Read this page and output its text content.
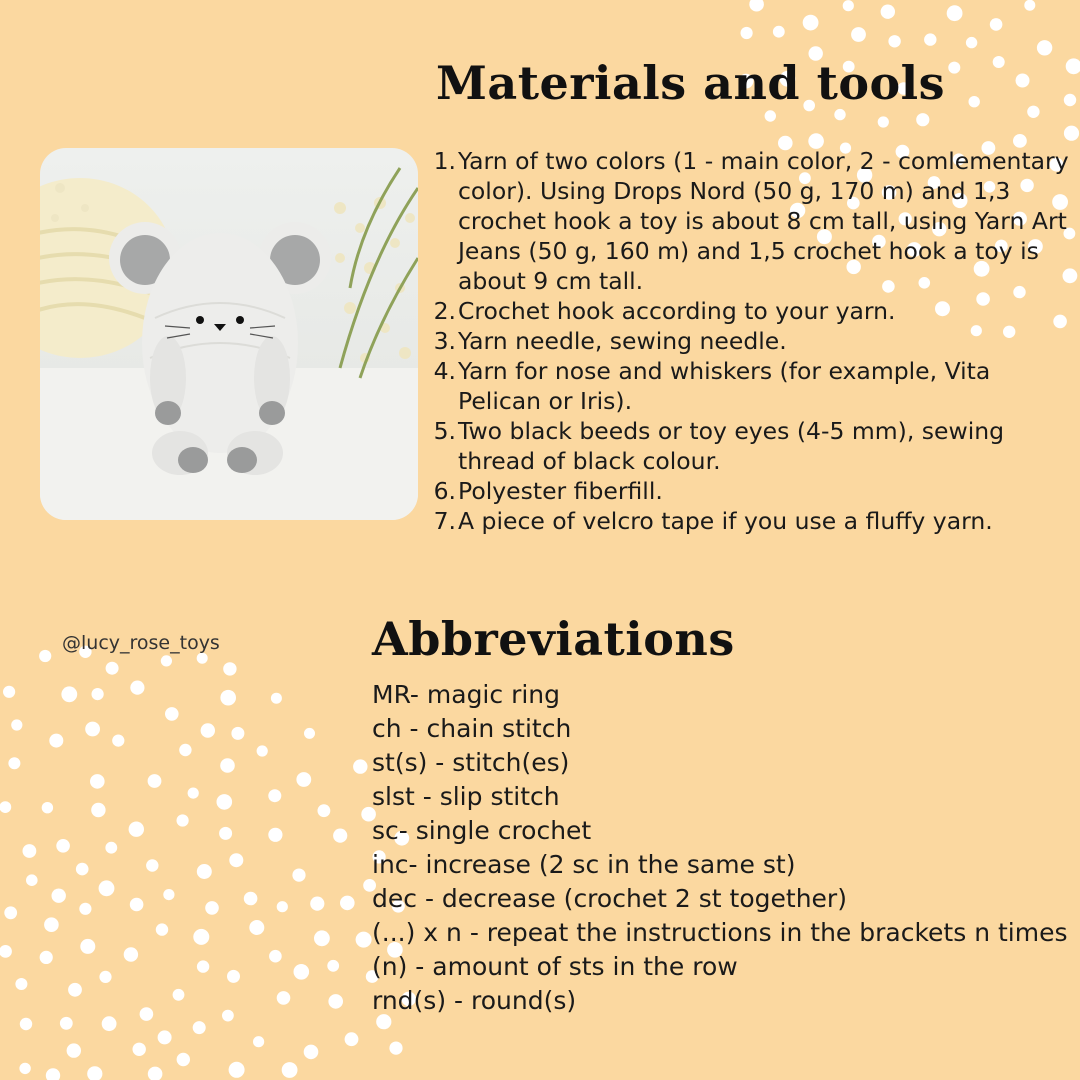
Materials and tools
1. Yarn of two colors (1 - main color, 2 - comlementary color). Using Drops Nord (50 g, 170 m) and 1,3 crochet hook a toy is about 8 cm tall, using Yarn Art Jeans (50 g, 160 m) and 1,5 crochet hook a toy is about 9 cm tall.
2. Crochet hook according to your yarn.
3. Yarn needle, sewing needle.
4. Yarn for nose and whiskers (for example, Vita Pelican or Iris).
5. Two black beeds or toy eyes (4-5 mm), sewing thread of black colour.
6. Polyester fiberfill.
7. A piece of velcro tape if you use a fluffy yarn.
@lucy_rose_toys	Abbreviations
MR- magic ring
ch - chain stitch
st(s) - stitch(es)
slst - slip stitch
sc- single crochet
inc- increase (2 sc in the same st)
dec - decrease (crochet 2 st together)
(...) x n - repeat the instructions in the brackets n times
(n) - amount of sts in the row
rnd(s) - round(s)
